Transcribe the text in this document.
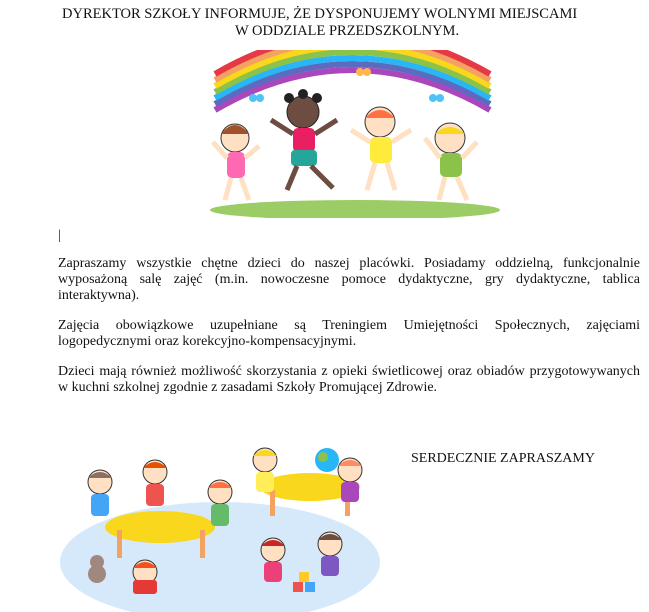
DYREKTOR SZKOŁY INFORMUJE, ŻE DYSPONUJEMY WOLNYMI MIEJSCAMI
W ODDZIALE PRZEDSZKOLNYM.
|

Zapraszamy wszystkie chętne dzieci do naszej placówki. Posiadamy oddzielną, funkcjonalnie wyposażoną salę zajęć (m.in. nowoczesne pomoce dydaktyczne, gry dydaktyczne, tablica interaktywna).

Zajęcia obowiązkowe uzupełniane są Treningiem Umiejętności Społecznych, zajęciami logopedycznymi oraz korekcyjno-kompensacyjnymi.

Dzieci mają również możliwość skorzystania z opieki świetlicowej oraz obiadów przygotowywanych w kuchni szkolnej zgodnie z zasadami Szkoły Promującej Zdrowie.

SERDECZNIE ZAPRASZAMY
